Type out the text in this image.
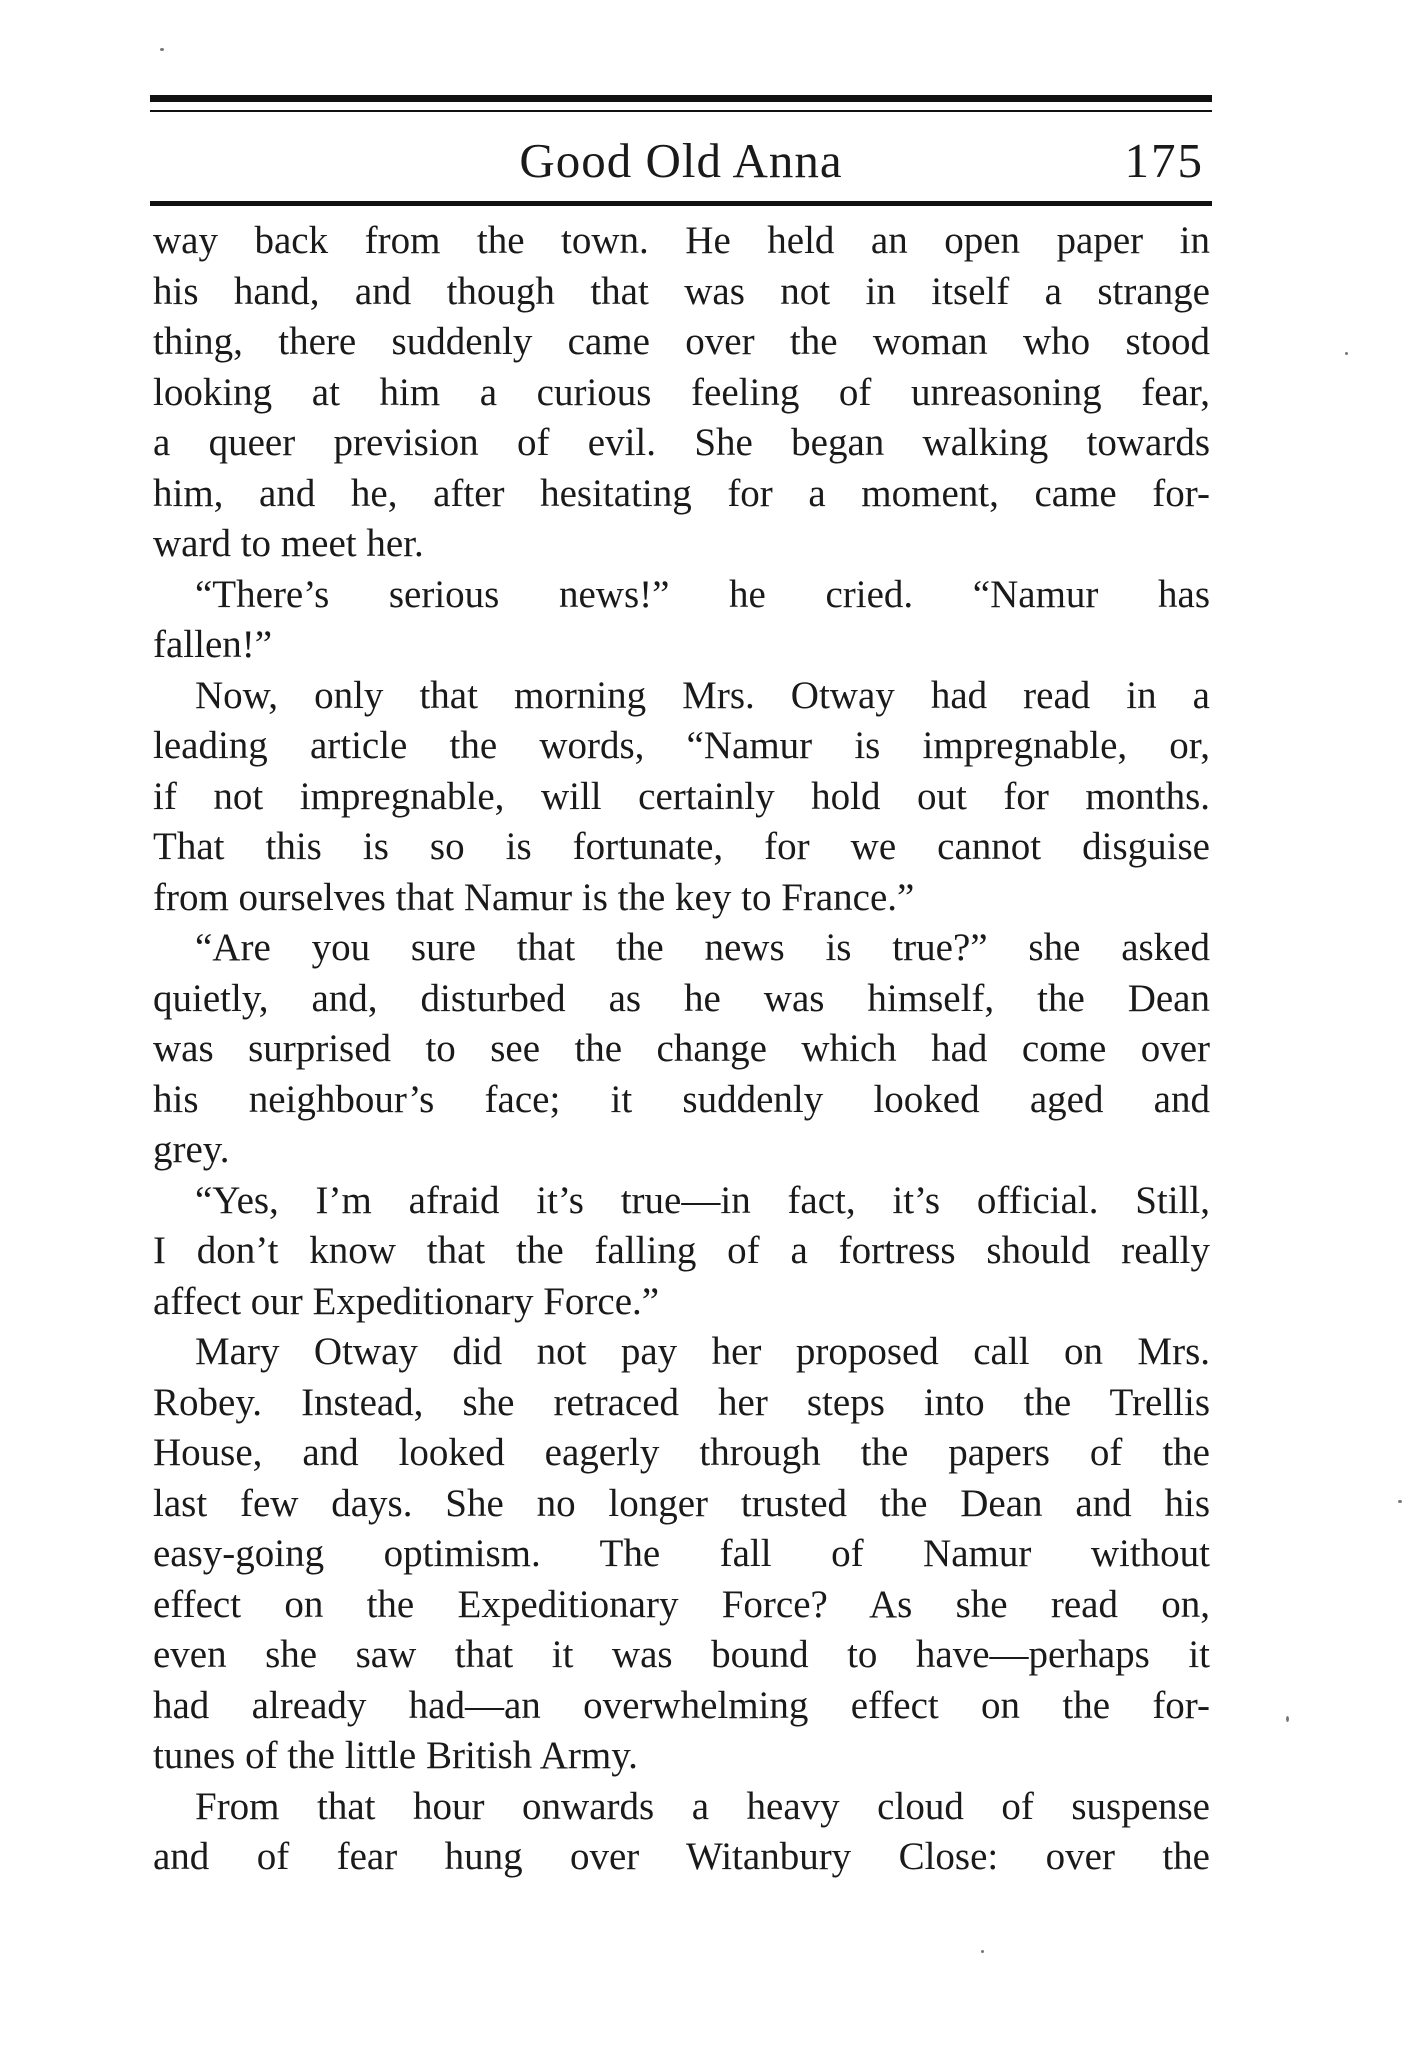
Good Old Anna	175
way back from the town. He held an open paper in
his hand, and though that was not in itself a strange
thing, there suddenly came over the woman who stood
looking at him a curious feeling of unreasoning fear,
a queer prevision of evil. She began walking towards
him, and he, after hesitating for a moment, came for-
ward to meet her.
“There’s serious news!” he cried. “Namur has
fallen!”
Now, only that morning Mrs. Otway had read in a
leading article the words, “Namur is impregnable, or,
if not impregnable, will certainly hold out for months.
That this is so is fortunate, for we cannot disguise
from ourselves that Namur is the key to France.”
“Are you sure that the news is true?” she asked
quietly, and, disturbed as he was himself, the Dean
was surprised to see the change which had come over
his neighbour’s face; it suddenly looked aged and
grey.
“Yes, I’m afraid it’s true—in fact, it’s official. Still,
I don’t know that the falling of a fortress should really
affect our Expeditionary Force.”
Mary Otway did not pay her proposed call on Mrs.
Robey. Instead, she retraced her steps into the Trellis
House, and looked eagerly through the papers of the
last few days. She no longer trusted the Dean and his
easy-going optimism. The fall of Namur without
effect on the Expeditionary Force? As she read on,
even she saw that it was bound to have—perhaps it
had already had—an overwhelming effect on the for-
tunes of the little British Army.
From that hour onwards a heavy cloud of suspense
and of fear hung over Witanbury Close: over the
